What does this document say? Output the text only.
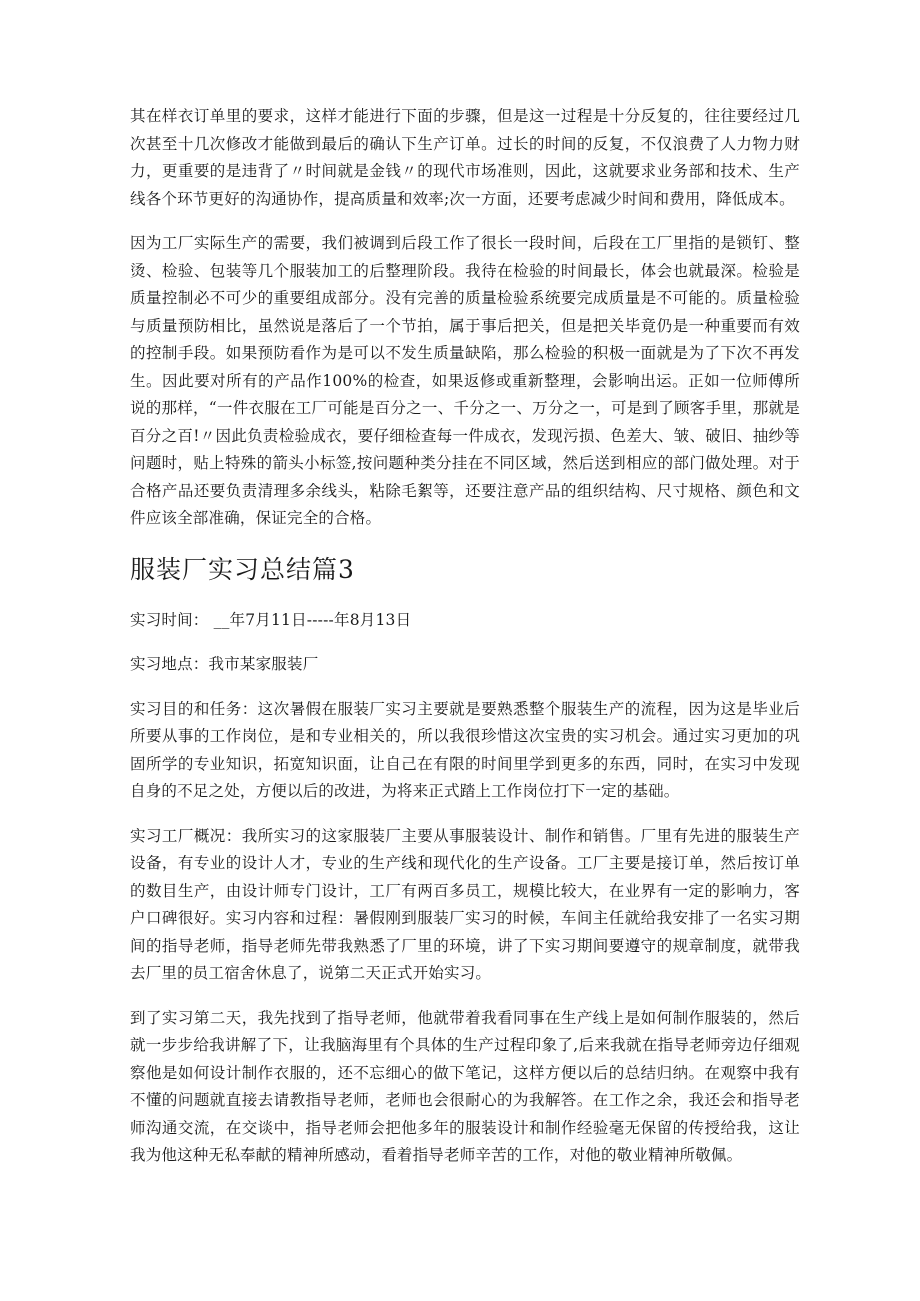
其在样衣订单里的要求，这样才能进行下面的步骤，但是这一过程是十分反复的，往往要经过几次甚至十几次修改才能做到最后的确认下生产订单。过长的时间的反复，不仅浪费了人力物力财力，更重要的是违背了〃时间就是金钱〃的现代市场准则，因此，这就要求业务部和技术、生产线各个环节更好的沟通协作，提高质量和效率;次一方面，还要考虑减少时间和费用，降低成本。

因为工厂实际生产的需要，我们被调到后段工作了很长一段时间，后段在工厂里指的是锁钉、整烫、检验、包装等几个服装加工的后整理阶段。我待在检验的时间最长，体会也就最深。检验是质量控制必不可少的重要组成部分。没有完善的质量检验系统要完成质量是不可能的。质量检验与质量预防相比，虽然说是落后了一个节拍，属于事后把关，但是把关毕竟仍是一种重要而有效的控制手段。如果预防看作为是可以不发生质量缺陷，那么检验的积极一面就是为了下次不再发生。因此要对所有的产品作100%的检查，如果返修或重新整理，会影响出运。正如一位师傅所说的那样，“一件衣服在工厂可能是百分之一、千分之一、万分之一，可是到了顾客手里，那就是百分之百!〃因此负责检验成衣，要仔细检查每一件成衣，发现污损、色差大、皱、破旧、抽纱等问题时，贴上特殊的箭头小标签,按问题种类分挂在不同区域，然后送到相应的部门做处理。对于合格产品还要负责清理多余线头，粘除毛絮等，还要注意产品的组织结构、尺寸规格、颜色和文件应该全部准确，保证完全的合格。

服装厂实习总结篇3

实习时间： __年7月11日-----年8月13日

实习地点：我市某家服装厂

实习目的和任务：这次暑假在服装厂实习主要就是要熟悉整个服装生产的流程，因为这是毕业后所要从事的工作岗位，是和专业相关的，所以我很珍惜这次宝贵的实习机会。通过实习更加的巩固所学的专业知识，拓宽知识面，让自己在有限的时间里学到更多的东西，同时，在实习中发现自身的不足之处，方便以后的改进，为将来正式踏上工作岗位打下一定的基础。

实习工厂概况：我所实习的这家服装厂主要从事服装设计、制作和销售。厂里有先进的服装生产设备，有专业的设计人才，专业的生产线和现代化的生产设备。工厂主要是接订单，然后按订单的数目生产，由设计师专门设计，工厂有两百多员工，规模比较大，在业界有一定的影响力，客户口碑很好。实习内容和过程：暑假刚到服装厂实习的时候，车间主任就给我安排了一名实习期间的指导老师，指导老师先带我熟悉了厂里的环境，讲了下实习期间要遵守的规章制度，就带我去厂里的员工宿舍休息了，说第二天正式开始实习。

到了实习第二天，我先找到了指导老师，他就带着我看同事在生产线上是如何制作服装的，然后就一步步给我讲解了下，让我脑海里有个具体的生产过程印象了,后来我就在指导老师旁边仔细观察他是如何设计制作衣服的，还不忘细心的做下笔记，这样方便以后的总结归纳。在观察中我有不懂的问题就直接去请教指导老师，老师也会很耐心的为我解答。在工作之余，我还会和指导老师沟通交流，在交谈中，指导老师会把他多年的服装设计和制作经验毫无保留的传授给我，这让我为他这种无私奉献的精神所感动，看着指导老师辛苦的工作，对他的敬业精神所敬佩。
